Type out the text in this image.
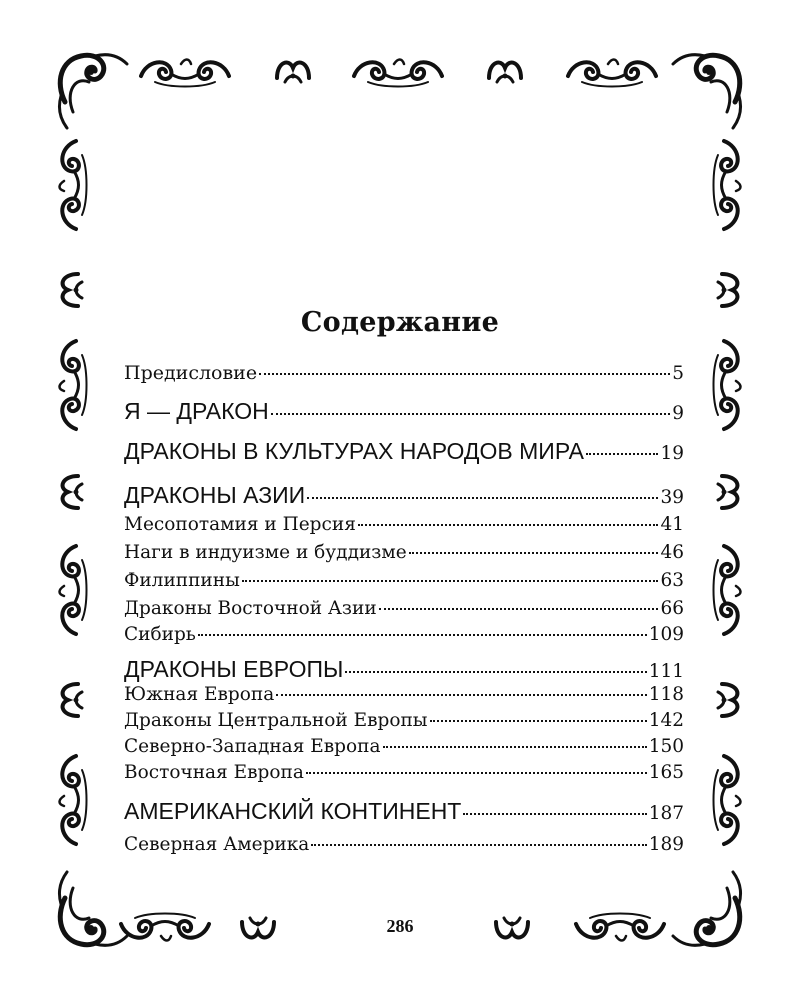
Содержание
Предисловие	5
Я — ДРАКОН	9
ДРАКОНЫ В КУЛЬТУРАХ НАРОДОВ МИРА	19
ДРАКОНЫ АЗИИ	39
Месопотамия и Персия	41
Наги в индуизме и буддизме	46
Филиппины	63
Драконы Восточной Азии	66
Сибирь	109
ДРАКОНЫ ЕВРОПЫ	111
Южная Европа	118
Драконы Центральной Европы	142
Северно-Западная Европа	150
Восточная Европа	165
АМЕРИКАНСКИЙ КОНТИНЕНТ	187
Северная Америка	189
286
